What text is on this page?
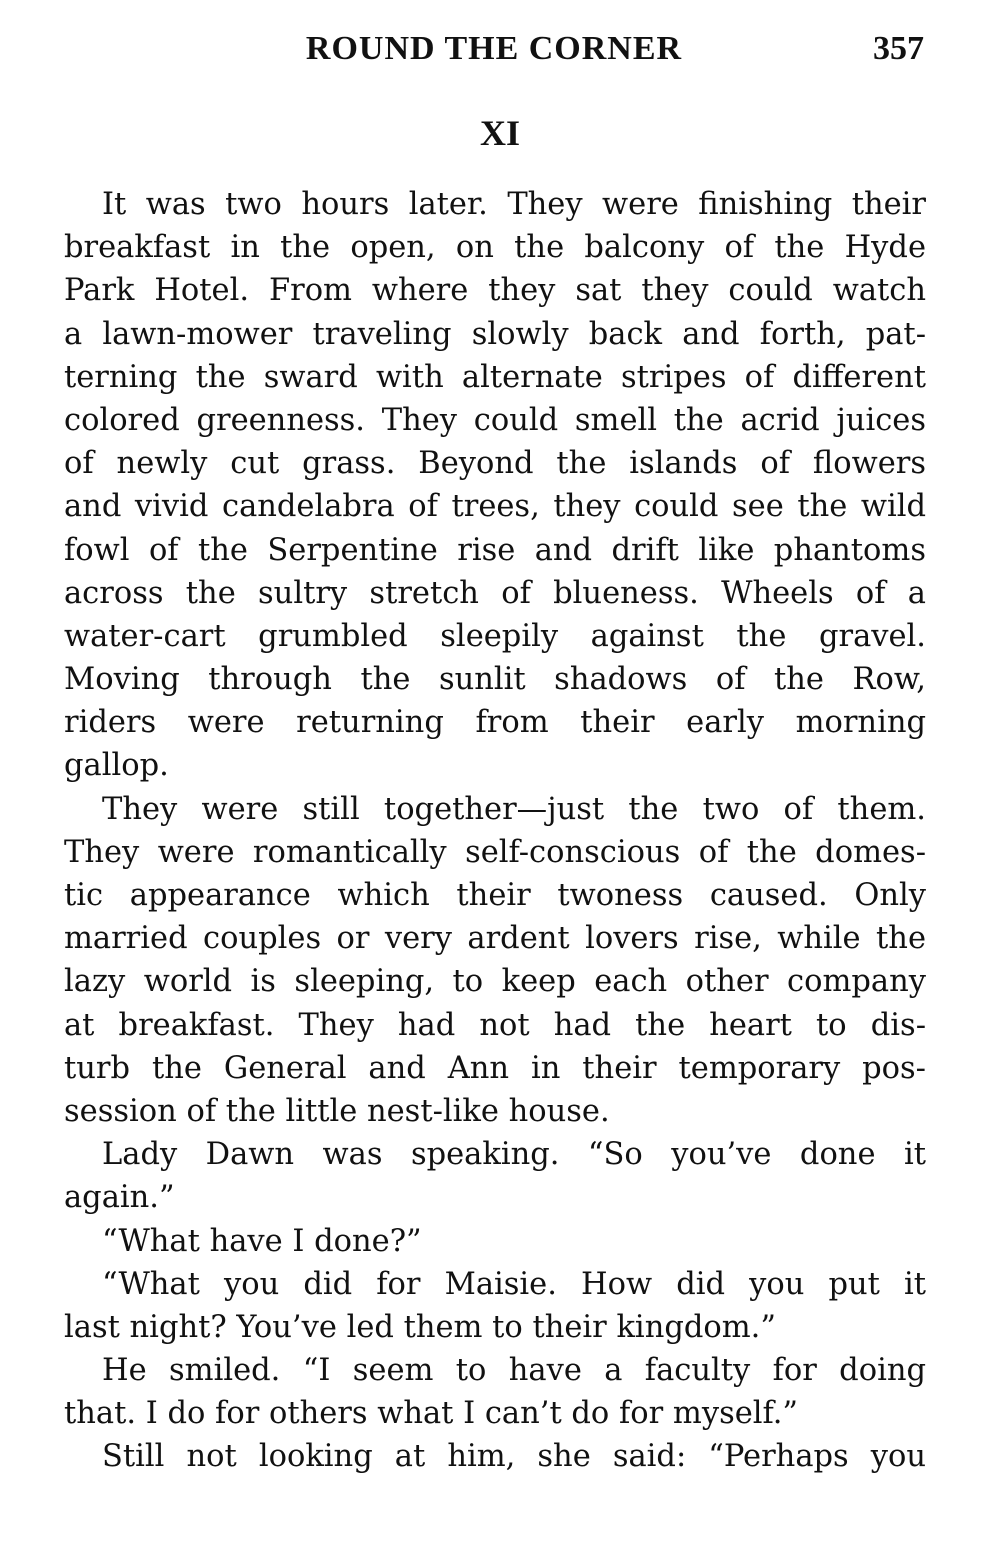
ROUND THE CORNER	357
XI
It was two hours later. They were finishing their
breakfast in the open, on the balcony of the Hyde
Park Hotel. From where they sat they could watch
a lawn-mower traveling slowly back and forth, pat-
terning the sward with alternate stripes of different
colored greenness. They could smell the acrid juices
of newly cut grass. Beyond the islands of flowers
and vivid candelabra of trees, they could see the wild
fowl of the Serpentine rise and drift like phantoms
across the sultry stretch of blueness. Wheels of a
water-cart grumbled sleepily against the gravel.
Moving through the sunlit shadows of the Row,
riders were returning from their early morning
gallop.
They were still together—just the two of them.
They were romantically self-conscious of the domes-
tic appearance which their twoness caused. Only
married couples or very ardent lovers rise, while the
lazy world is sleeping, to keep each other company
at breakfast. They had not had the heart to dis-
turb the General and Ann in their temporary pos-
session of the little nest-like house.
Lady Dawn was speaking. “So you’ve done it
again.”
“What have I done?”
“What you did for Maisie. How did you put it
last night? You’ve led them to their kingdom.”
He smiled. “I seem to have a faculty for doing
that. I do for others what I can’t do for myself.”
Still not looking at him, she said: “Perhaps you
